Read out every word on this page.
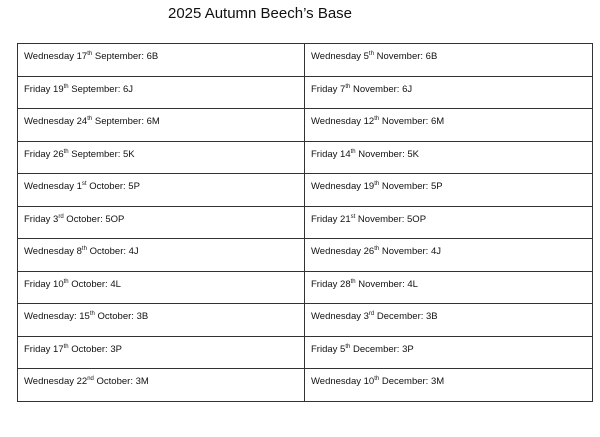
2025 Autumn Beech’s Base
Wednesday 17th September: 6B	Wednesday 5th November: 6B
Friday 19th September: 6J	Friday 7th November: 6J
Wednesday 24th September: 6M	Wednesday 12th November: 6M
Friday 26th September: 5K	Friday 14th November: 5K
Wednesday 1st October: 5P	Wednesday 19th November: 5P
Friday 3rd October: 5OP	Friday 21st November: 5OP
Wednesday 8th October: 4J	Wednesday 26th November: 4J
Friday 10th October: 4L	Friday 28th November: 4L
Wednesday: 15th October: 3B	Wednesday 3rd December: 3B
Friday 17th October: 3P	Friday 5th December: 3P
Wednesday 22nd October: 3M	Wednesday 10th December: 3M
